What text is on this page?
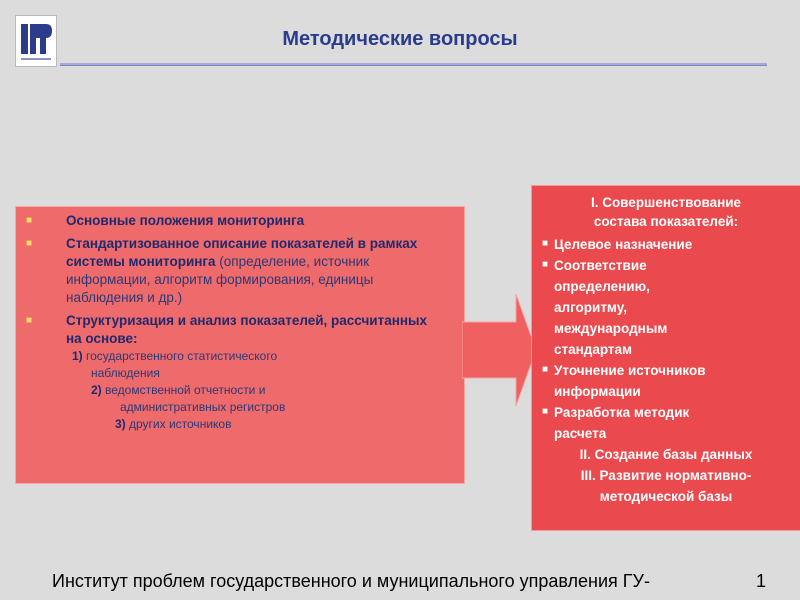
Методические вопросы
■	Основные положения мониторинга
■	Стандартизованное описание показателей в рамках
системы мониторинга (определение, источник
информации, алгоритм формирования, единицы
наблюдения и др.)
■	Структуризация и анализ показателей, рассчитанных
на основе:
1) государственного статистического
наблюдения
2) ведомственной отчетности и
административных регистров
3) других источников
I. Совершенствование
состава показателей:
■ Целевое назначение
■ Соответствие
определению,
алгоритму,
международным
стандартам
■ Уточнение источников
информации
■ Разработка методик
расчета
II. Создание базы данных
III. Развитие нормативно-
методической базы
Институт проблем государственного и муниципального управления ГУ-	1
